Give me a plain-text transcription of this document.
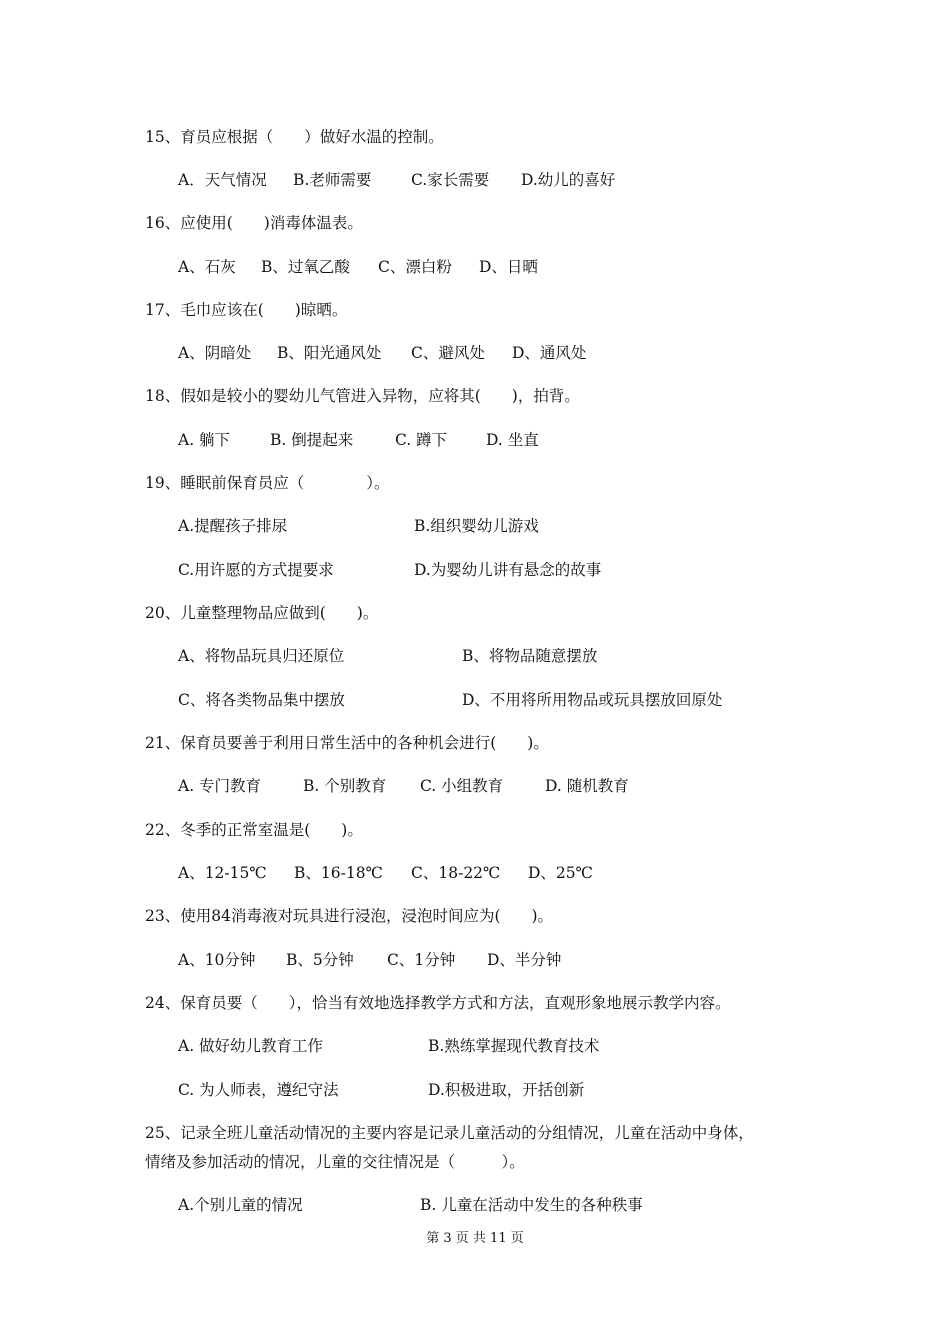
15、育员应根据（　　）做好水温的控制。
A．天气情况 B.老师需要	C.家长需要 D.幼儿的喜好
16、应使用(　　)消毒体温表。
A、石灰 B、过氧乙酸 C、漂白粉 D、日晒
17、毛巾应该在(　　)晾晒。
A、阴暗处 B、阳光通风处 C、避风处 D、通风处
18、假如是较小的婴幼儿气管进入异物，应将其(　　)，拍背。
A. 躺下	B. 倒提起来	C. 蹲下	D. 坐直
19、睡眠前保育员应（　　　　）。
A.提醒孩子排尿	B.组织婴幼儿游戏
C.用许愿的方式提要求	D.为婴幼儿讲有悬念的故事
20、儿童整理物品应做到(　　)。
A、将物品玩具归还原位	B、将物品随意摆放
C、将各类物品集中摆放	D、不用将所用物品或玩具摆放回原处
21、保育员要善于利用日常生活中的各种机会进行(　　)。
A. 专门教育	B. 个别教育 C. 小组教育	D. 随机教育
22、冬季的正常室温是(　　)。
A、12-15℃ B、16-18℃ C、18-22℃ D、25℃
23、使用84消毒液对玩具进行浸泡，浸泡时间应为(　　)。
A、10分钟 B、5分钟 C、1分钟 D、半分钟
24、保育员要（　　），恰当有效地选择教学方式和方法，直观形象地展示教学内容。
A. 做好幼儿教育工作	B.熟练掌握现代教育技术
C. 为人师表，遵纪守法	D.积极进取，开括创新
25、记录全班儿童活动情况的主要内容是记录儿童活动的分组情况，儿童在活动中身体，
情绪及参加活动的情况，儿童的交往情况是（　　　）。
A.个别儿童的情况	B. 儿童在活动中发生的各种秩事
第 3 页 共 11 页
